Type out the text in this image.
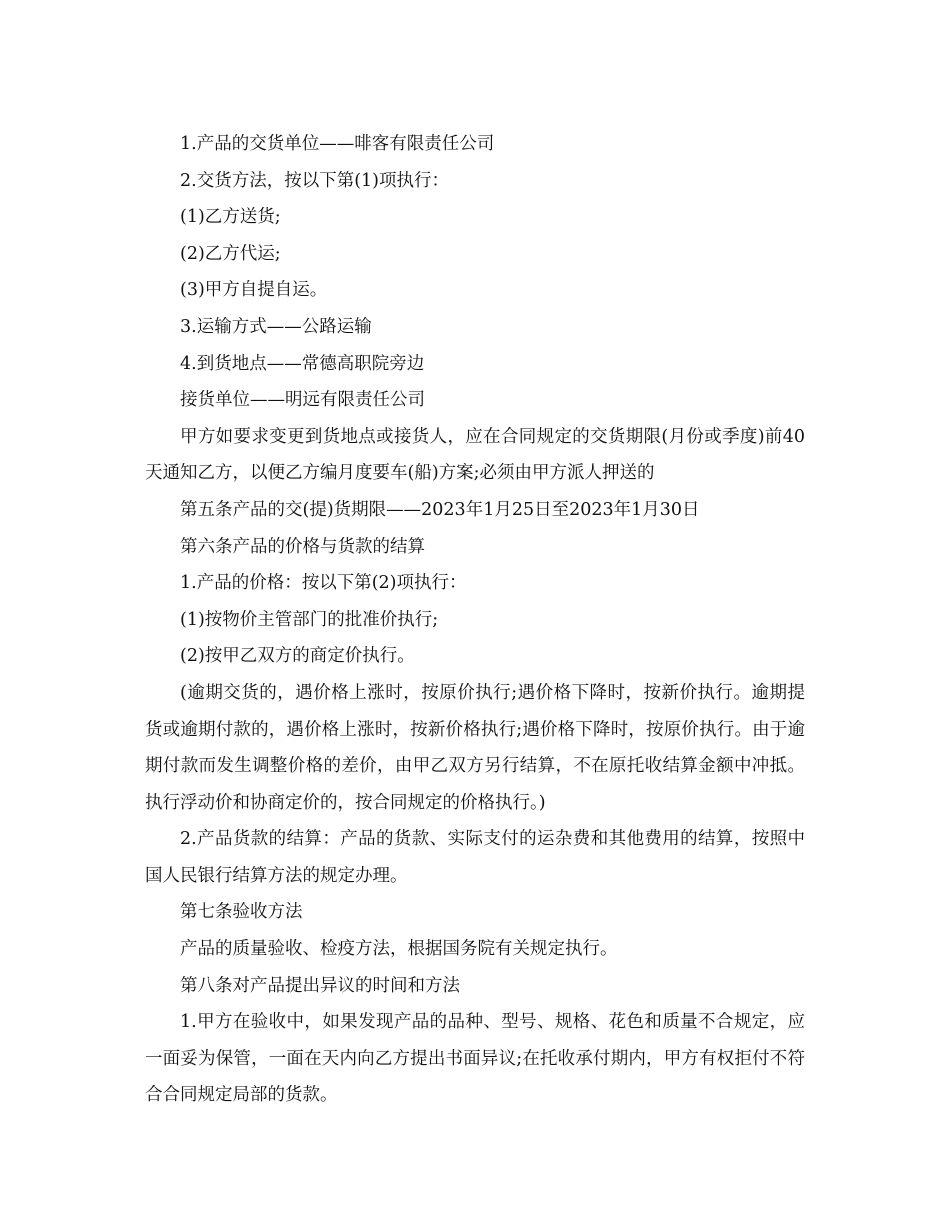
1.产品的交货单位——啡客有限责任公司

2.交货方法，按以下第(1)项执行：

(1)乙方送货;

(2)乙方代运;

(3)甲方自提自运。

3.运输方式——公路运输

4.到货地点——常德高职院旁边

接货单位——明远有限责任公司

甲方如要求变更到货地点或接货人，应在合同规定的交货期限(月份或季度)前40天通知乙方，以便乙方编月度要车(船)方案;必须由甲方派人押送的

第五条产品的交(提)货期限——2023年1月25日至2023年1月30日

第六条产品的价格与货款的结算

1.产品的价格：按以下第(2)项执行：

(1)按物价主管部门的批准价执行;

(2)按甲乙双方的商定价执行。

(逾期交货的，遇价格上涨时，按原价执行;遇价格下降时，按新价执行。逾期提货或逾期付款的，遇价格上涨时，按新价格执行;遇价格下降时，按原价执行。由于逾期付款而发生调整价格的差价，由甲乙双方另行结算，不在原托收结算金额中冲抵。执行浮动价和协商定价的，按合同规定的价格执行。)

2.产品货款的结算：产品的货款、实际支付的运杂费和其他费用的结算，按照中国人民银行结算方法的规定办理。

第七条验收方法

产品的质量验收、检疫方法，根据国务院有关规定执行。

第八条对产品提出异议的时间和方法

1.甲方在验收中，如果发现产品的品种、型号、规格、花色和质量不合规定，应一面妥为保管，一面在天内向乙方提出书面异议;在托收承付期内，甲方有权拒付不符合合同规定局部的货款。
